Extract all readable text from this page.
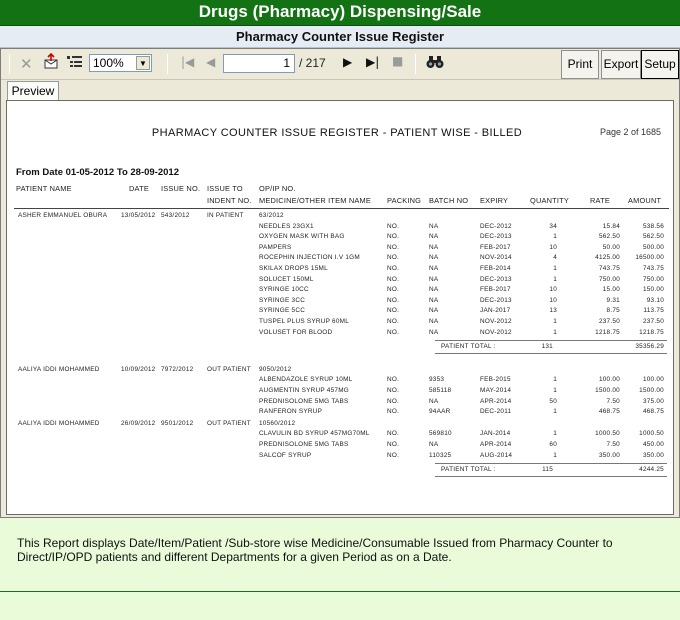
Drugs (Pharmacy) Dispensing/Sale
Pharmacy Counter Issue Register
✕	100%	▼	|◀ ◀	1 / 217 ▶ ▶| ■	Print Export Setup
Preview
PHARMACY COUNTER ISSUE REGISTER - PATIENT WISE - BILLED	Page 2 of 1685
From Date 01-05-2012 To 28-09-2012
PATIENT NAME	DATE ISSUE NO. ISSUE TO
INDENT NO.
OP/IP NO.
MEDICINE/OTHER ITEM NAME PACKING BATCH NO EXPIRY	QUANTITY	RATE AMOUNT
ASHER EMMANUEL OBURA 13/05/2012 543/2012	IN PATIENT 63/2012
NEEDLES 23GX1	NO.	NA	DEC-2012	34	15.84	538.56
OXYGEN MASK WITH BAG	NO.	NA	DEC-2013	1	562.50	562.50
PAMPERS	NO.	NA	FEB-2017	10	50.00	500.00
ROCEPHIN INJECTION I.V 1GM	NO.	NA	NOV-2014	4	4125.00 16500.00
SKILAX DROPS 15ML	NO.	NA	FEB-2014	1	743.75	743.75
SOLUCET 150ML	NO.	NA	DEC-2013	1	750.00	750.00
SYRINGE 10CC	NO.	NA	FEB-2017	10	15.00	150.00
SYRINGE 3CC	NO.	NA	DEC-2013	10	9.31	93.10
SYRINGE 5CC	NO.	NA	JAN-2017	13	8.75	113.75
TUSPEL PLUS SYRUP 60ML	NO.	NA	NOV-2012	1	237.50	237.50
VOLUSET FOR BLOOD	NO.	NA	NOV-2012	1	1218.75	1218.75
PATIENT TOTAL :	131	35356.29
AALIYA IDDI MOHAMMED	10/09/2012 7972/2012 OUT PATIENT 9050/2012
ALBENDAZOLE SYRUP 10ML	NO.	9353	FEB-2015	1	100.00	100.00
AUGMENTIN SYRUP 457MG	NO.	585118	MAY-2014	1	1500.00	1500.00
PREDNISOLONE 5MG TABS	NO.	NA	APR-2014	50	7.50	375.00
RANFERON SYRUP	NO.	94AAR	DEC-2011	1	468.75	468.75
AALIYA IDDI MOHAMMED	26/09/2012 9501/2012 OUT PATIENT 10560/2012
CLAVULIN BD SYRUP 457MG70ML	NO.	569810	JAN-2014	1	1000.50	1000.50
PREDNISOLONE 5MG TABS	NO.	NA	APR-2014	60	7.50	450.00
SALCOF SYRUP	NO.	110325	AUG-2014	1	350.00	350.00
PATIENT TOTAL :	115	4244.25
This Report displays Date/Item/Patient /Sub-store wise Medicine/Consumable Issued from Pharmacy Counter to Direct/IP/OPD patients and different Departments for a given Period as on a Date.
